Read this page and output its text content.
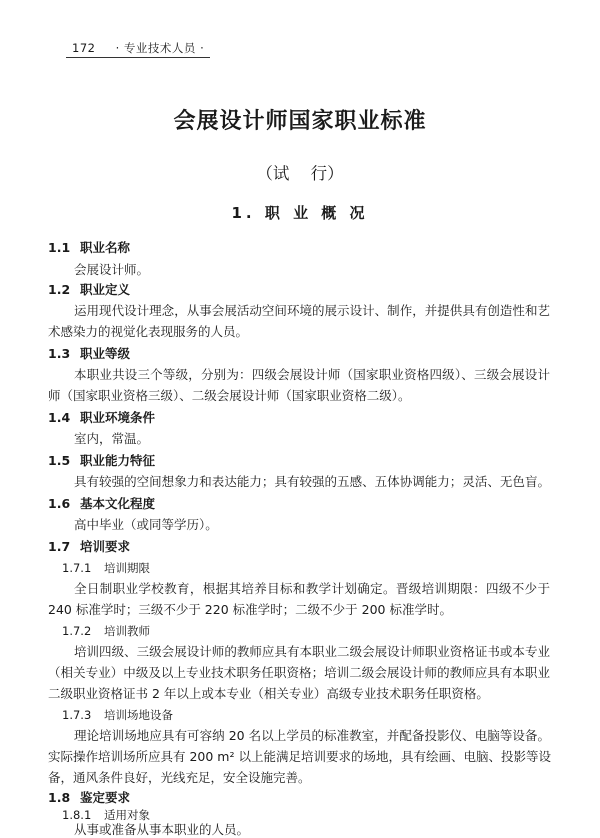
172 · 专业技术人员 ·
会展设计师国家职业标准
（试 行）
1. 职 业 概 况
1.1 职业名称
会展设计师。
1.2 职业定义
运用现代设计理念，从事会展活动空间环境的展示设计、制作，并提供具有创造性和艺
术感染力的视觉化表现服务的人员。
1.3 职业等级
本职业共设三个等级，分别为：四级会展设计师（国家职业资格四级）、三级会展设计
师（国家职业资格三级）、二级会展设计师（国家职业资格二级）。
1.4 职业环境条件
室内，常温。
1.5 职业能力特征
具有较强的空间想象力和表达能力；具有较强的五感、五体协调能力；灵活、无色盲。
1.6 基本文化程度
高中毕业（或同等学历）。
1.7 培训要求
1.7.1 培训期限
全日制职业学校教育，根据其培养目标和教学计划确定。晋级培训期限：四级不少于
240 标准学时；三级不少于 220 标准学时；二级不少于 200 标准学时。
1.7.2 培训教师
培训四级、三级会展设计师的教师应具有本职业二级会展设计师职业资格证书或本专业
（相关专业）中级及以上专业技术职务任职资格；培训二级会展设计师的教师应具有本职业
二级职业资格证书 2 年以上或本专业（相关专业）高级专业技术职务任职资格。
1.7.3 培训场地设备
理论培训场地应具有可容纳 20 名以上学员的标准教室，并配备投影仪、电脑等设备。
实际操作培训场所应具有 200 m² 以上能满足培训要求的场地，具有绘画、电脑、投影等设
备，通风条件良好，光线充足，安全设施完善。
1.8 鉴定要求
1.8.1 适用对象
从事或准备从事本职业的人员。
